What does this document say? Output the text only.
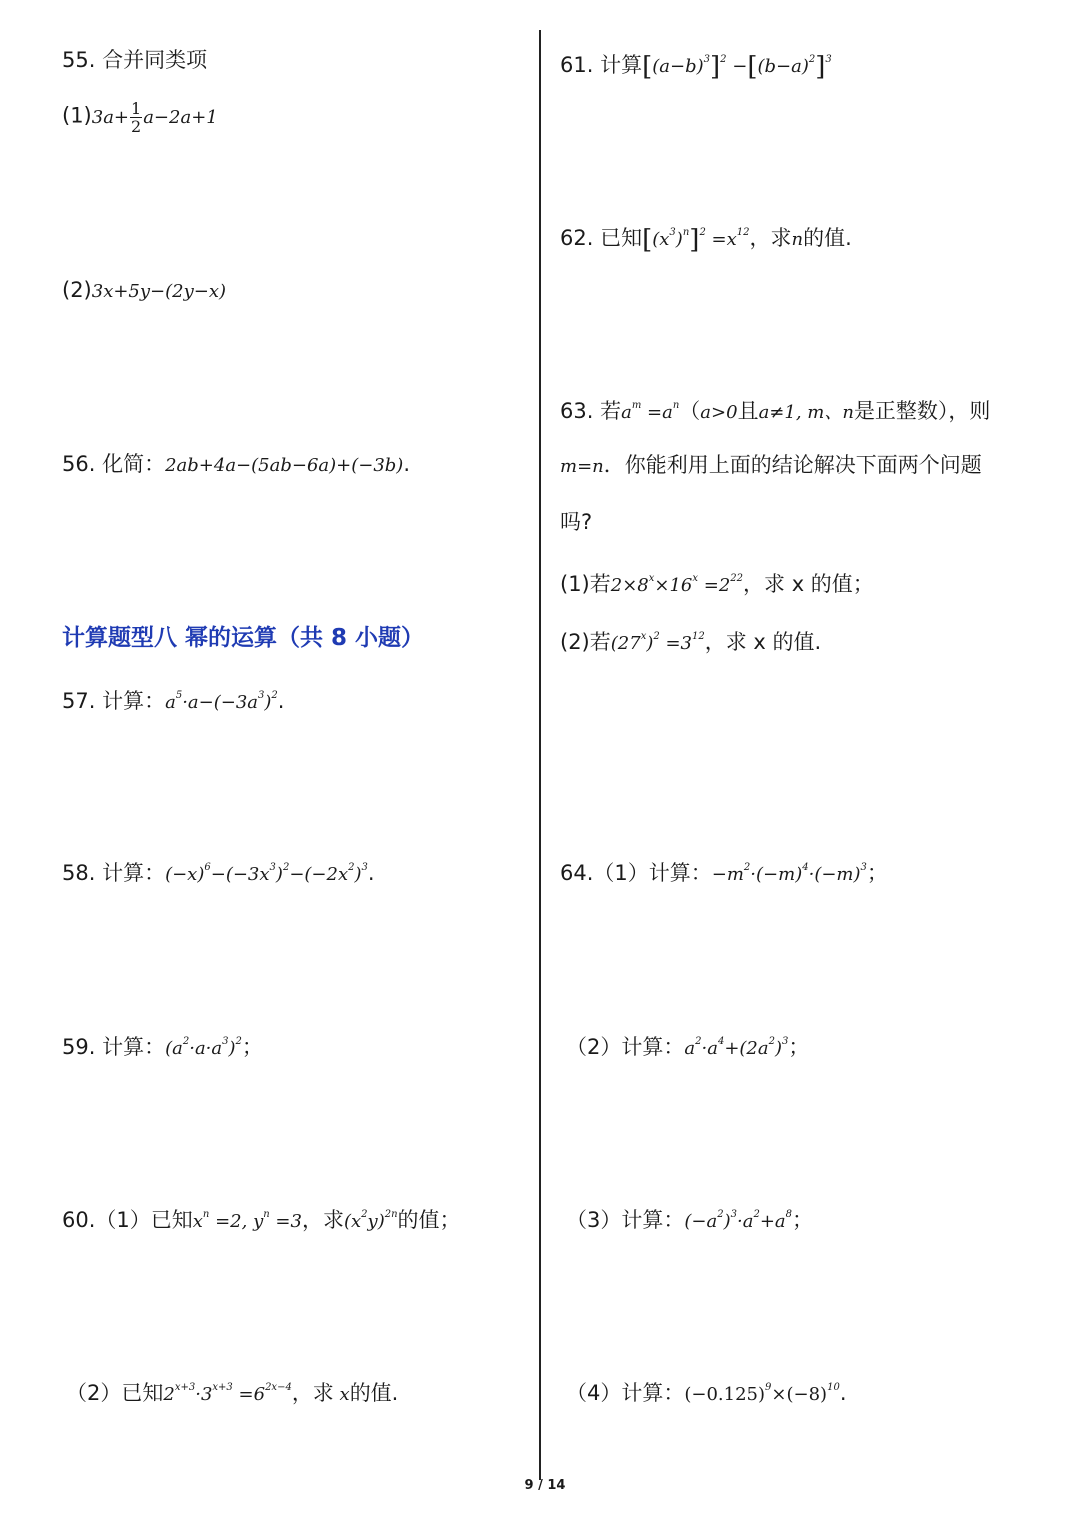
55. 合并同类项
$(1)3a+ \frac{1}{2} a-2a+1$
(2)3x+5y−(2y−x)
56. 化简：2ab+4a−(5ab−6a)+(−3b).
计算题型八 幂的运算（共 8 小题）
57. 计算：$a^5\cdot a-(-3a^3)^2$.
58. 计算：$(-x)^6-(-3x^3)^2-(-2x^2)^3$.
59. 计算：$(a^2\cdot a\cdot a^3)^2$；
60.（1）已知$x^n =2$, $y^n =3$，求$(x^2y)^{2n}$的值；
（2）已知$2^{x+3}\cdot 3^{x+3} =6^{2x-4}$，求 x的值.
61. 计算$[(a-b)^3]^2 -[(b-a)^2]^3$
62. 已知$[(x^3)^n]^2 =x^{12}$，求n的值.
63. 若$a^m =a^n(a>0$且a≠1, m、n是正整数），则
m=n．你能利用上面的结论解决下面两个问题
吗?
(1)若$2\times 8^x\times 16^x =2^{22}$，求 x 的值；
(2)若$(27^x)^2 =3^{12}$，求 x 的值.
64.（1）计算：$-m^2\cdot(-m)^4\cdot(-m)^3$；
（2）计算：$a^2\cdot a^4+(2a^2)^3$；
（3）计算：$(-a^2)^3\cdot a^2+a^8$；
（4）计算：$(-0.125)^9\times(-8)^{10}$.
9 / 14
